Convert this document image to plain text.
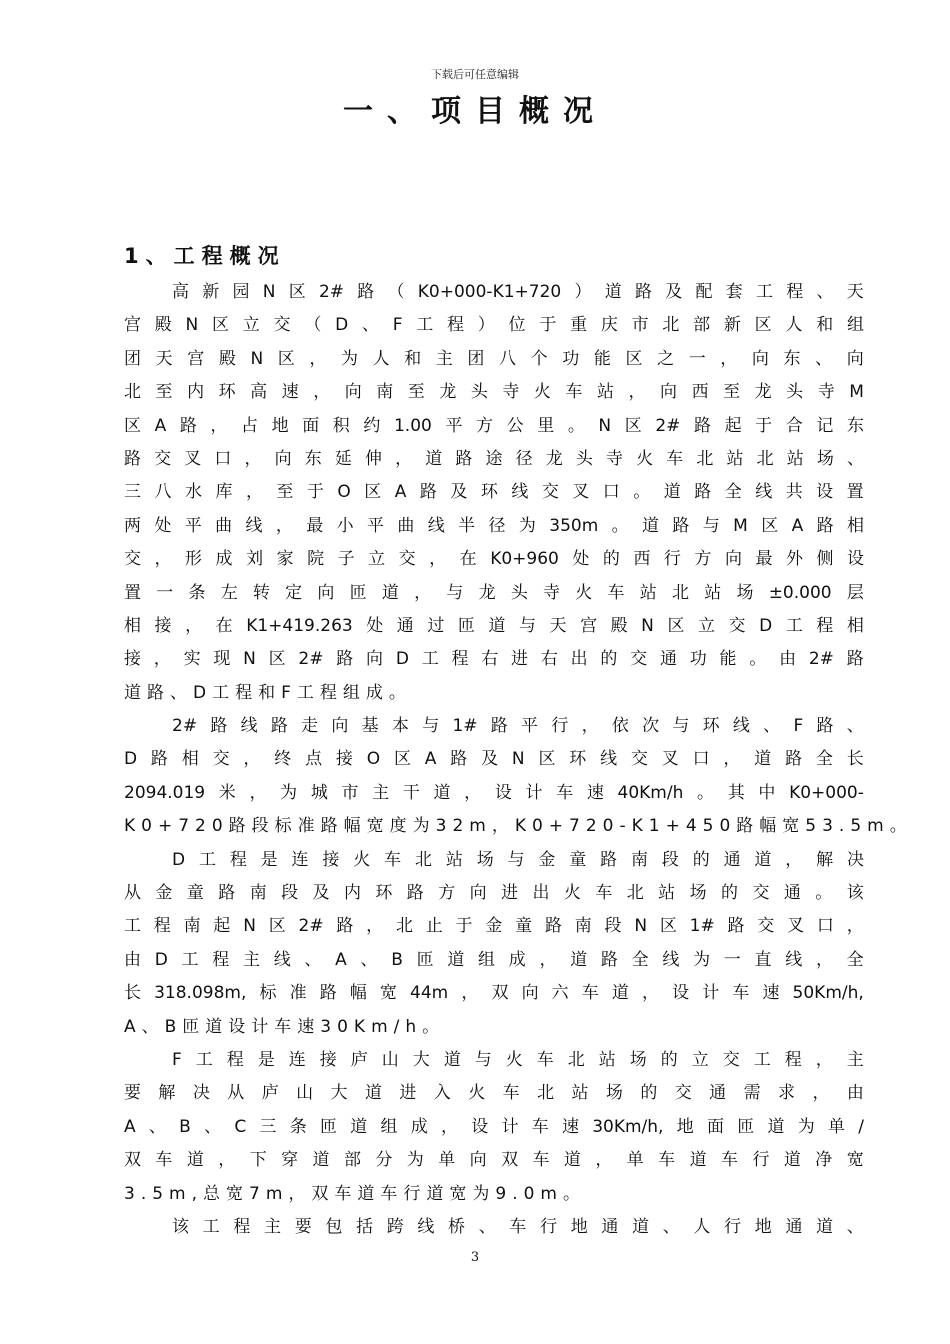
下载后可任意编辑
一、项目概况
1、工程概况
高 新 园 N 区 2# 路 （ K0+000-K1+720 ） 道 路 及 配 套 工 程 、 天
宫 殿 N 区 立 交 （ D 、 F 工 程 ） 位 于 重 庆 市 北 部 新 区 人 和 组
团 天 宫 殿 N 区 ， 为 人 和 主 团 八 个 功 能 区 之 一 ， 向 东 、 向
北 至 内 环 高 速 ， 向 南 至 龙 头 寺 火 车 站 ， 向 西 至 龙 头 寺 M
区 A 路 ， 占 地 面 积 约 1.00 平 方 公 里 。 N 区 2# 路 起 于 合 记 东
路 交 叉 口 ， 向 东 延 伸 ， 道 路 途 径 龙 头 寺 火 车 北 站 北 站 场 、
三 八 水 库 ， 至 于 O 区 A 路 及 环 线 交 叉 口 。 道 路 全 线 共 设 置
两 处 平 曲 线 ， 最 小 平 曲 线 半 径 为 350m 。 道 路 与 M 区 A 路 相
交 ， 形 成 刘 家 院 子 立 交 ， 在 K0+960 处 的 西 行 方 向 最 外 侧 设
置 一 条 左 转 定 向 匝 道 ， 与 龙 头 寺 火 车 站 北 站 场 ±0.000 层
相 接 ， 在 K1+419.263 处 通 过 匝 道 与 天 宫 殿 N 区 立 交 D 工 程 相
接 ， 实 现 N 区 2# 路 向 D 工 程 右 进 右 出 的 交 通 功 能 。 由 2# 路
道路、D工程和F工程组成。
2# 路 线 路 走 向 基 本 与 1# 路 平 行 ， 依 次 与 环 线 、 F 路 、
D 路 相 交 ， 终 点 接 O 区 A 路 及 N 区 环 线 交 叉 口 ， 道 路 全 长
2094.019 米 ， 为 城 市 主 干 道 ， 设 计 车 速 40Km/h 。 其 中 K0+000-
K0+720路段标准路幅宽度为32m，K0+720-K1+450路幅宽53.5m。
D 工 程 是 连 接 火 车 北 站 场 与 金 童 路 南 段 的 通 道 ， 解 决
从 金 童 路 南 段 及 内 环 路 方 向 进 出 火 车 北 站 场 的 交 通 。 该
工 程 南 起 N 区 2# 路 ， 北 止 于 金 童 路 南 段 N 区 1# 路 交 叉 口 ，
由 D 工 程 主 线 、 A 、 B 匝 道 组 成 ， 道 路 全 线 为 一 直 线 ， 全
长 318.098m, 标 准 路 幅 宽 44m ， 双 向 六 车 道 ， 设 计 车 速 50Km/h,
A、B匝道设计车速30Km/h。
F 工 程 是 连 接 庐 山 大 道 与 火 车 北 站 场 的 立 交 工 程 ， 主
要 解 决 从 庐 山 大 道 进 入 火 车 北 站 场 的 交 通 需 求 ， 由
A 、 B 、 C 三 条 匝 道 组 成 ， 设 计 车 速 30Km/h, 地 面 匝 道 为 单 /
双 车 道 ， 下 穿 道 部 分 为 单 向 双 车 道 ， 单 车 道 车 行 道 净 宽
3.5m,总宽7m，双车道车行道宽为9.0m。
该 工 程 主 要 包 括 跨 线 桥 、 车 行 地 通 道 、 人 行 地 通 道 、
3
